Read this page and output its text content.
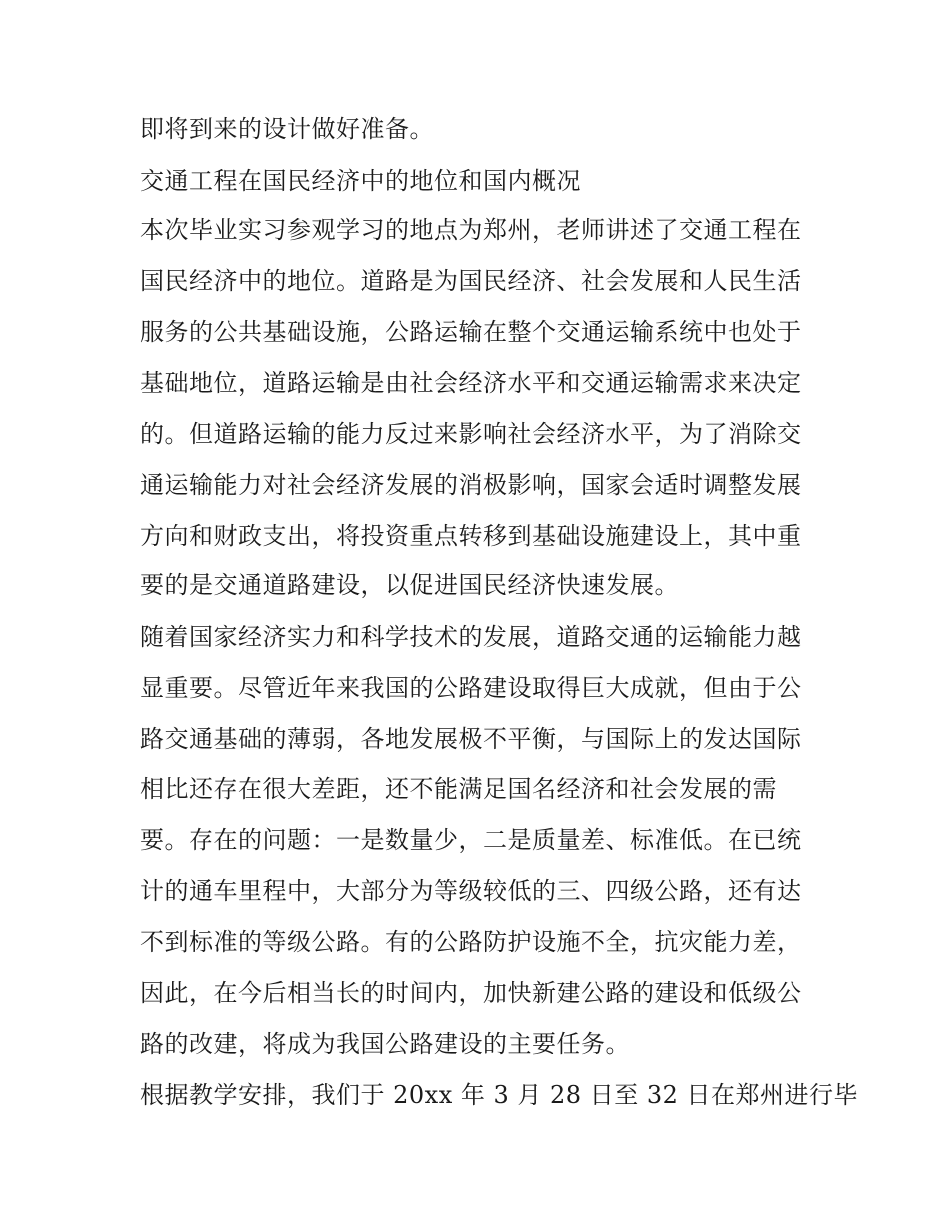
即将到来的设计做好准备。
交通工程在国民经济中的地位和国内概况
本次毕业实习参观学习的地点为郑州，老师讲述了交通工程在
国民经济中的地位。道路是为国民经济、社会发展和人民生活
服务的公共基础设施，公路运输在整个交通运输系统中也处于
基础地位，道路运输是由社会经济水平和交通运输需求来决定
的。但道路运输的能力反过来影响社会经济水平，为了消除交
通运输能力对社会经济发展的消极影响，国家会适时调整发展
方向和财政支出，将投资重点转移到基础设施建设上，其中重
要的是交通道路建设，以促进国民经济快速发展。
随着国家经济实力和科学技术的发展，道路交通的运输能力越
显重要。尽管近年来我国的公路建设取得巨大成就，但由于公
路交通基础的薄弱，各地发展极不平衡，与国际上的发达国际
相比还存在很大差距，还不能满足国名经济和社会发展的需
要。存在的问题：一是数量少，二是质量差、标准低。在已统
计的通车里程中，大部分为等级较低的三、四级公路，还有达
不到标准的等级公路。有的公路防护设施不全，抗灾能力差，
因此，在今后相当长的时间内，加快新建公路的建设和低级公
路的改建，将成为我国公路建设的主要任务。
根据教学安排，我们于 20xx 年 3 月 28 日至 32 日在郑州进行毕
